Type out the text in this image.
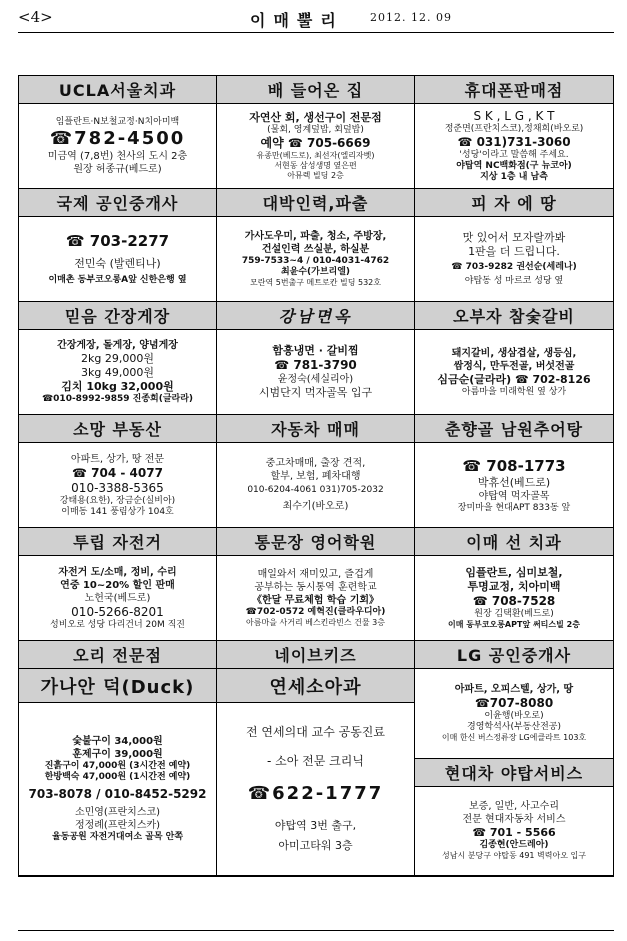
<4>	이매뿔리 2012. 12. 09
UCLA서울치과
임플란트·N보철교정·N치아미백
☎782-4500
미금역 (7,8번) 천사의 도시 2층
원장 허종규(베드로)
배 들어온 집
자연산 회, 생선구이 전문점
(물회, 영계덮밥, 회덮밥)
예약 ☎ 705-6669
유종만(베드로), 최선자(엘리자벳)
서현동 삼성생명 옆은편
아뮤렉 빌딩 2층
휴대폰판매점
S K , L G , K T
정준면(프란치스코),정채희(바오로)
☎ 031)731-3060
'성당'이라고 말씀해 주세요.
야탑역 NC백화점(구 뉴코아)
지상 1층 내 남측
국제 공인중개사
☎ 703-2277
전민숙 (발렌티나)
이매촌 동부코오롱A앞 신한은행 옆
대박인력,파출
가사도우미, 파출, 청소, 주방장,
건설인력 쓰실분, 하실분
759-7533~4 / 010-4031-4762
최윤수(가브리엘)
모란역 5번출구 메트로칸 빌딩 532호
피 자 에 땅
맛 있어서 모자랄까봐
1판을 더 드립니다.
☎ 703-9282 권선순(세레나)
야탑동 성 마르코 성당 옆
믿음 간장게장
간장게장, 돌게장, 양념게장
2kg 29,000원
3kg 49,000원
김치 10kg 32,000원
☎010-8992-9859 진종희(글라라)
강남면옥
함흥냉면 · 갈비찜
☎ 781-3790
윤정숙(세실리아)
시범단지 먹자골목 입구
오부자 참숯갈비
돼지갈비, 생삼겹살, 생등심,
쌈정식, 만두전골, 버섯전골
심금순(글라라) ☎ 702-8126
아름마을 미래학원 옆 상가
소망 부동산
아파트, 상가, 땅 전문
☎ 704 - 4077
010-3388-5365
강태용(요한), 장금순(실비아)
이매동 141 풍림상가 104호
자동차 매매
중고차매매, 출장 견적,
할부, 보험, 폐차대행
010-6204-4061 031)705-2032
최수기(바오로)
춘향골 남원추어탕
☎ 708-1773
박휴선(베드로)
야탑역 먹자골목
장미마을 현대APT 833동 앞
투립 자전거
자전거 도/소매, 정비, 수리
연중 10~20% 할인 판매
노헌국(베드로)
010-5266-8201
성비오로 성당 다리건너 20M 직진
통문장 영어학원
매일와서 재미있고, 즐겁게
공부하는 동시통역 훈련학교
《한달 무료체험 학습 기회》
☎702-0572 예혁진(클라우디아)
아름마을 사거리 베스킨라빈스 건물 3층
이매 선 치과
임플란트, 심미보철,
투명교정, 치아미백
☎ 708-7528
원장 김택환(베드로)
이매 동부코오롱APT앞 써티스빌 2층
오리 전문점
가나안 덕(Duck)
숯불구이 34,000원
훈제구이 39,000원
진흙구이 47,000원 (3시간전 예약)
한방백숙 47,000원 (1시간전 예약)
703-8078 / 010-8452-5292
소민영(프란치스코)
정정례(프란치스카)
율동공원 자전거대여소 골목 안쪽
네이브키즈
연세소아과
전 연세의대 교수 공동진료
- 소아 전문 크리닉
☎622-1777
야탑역 3번 출구,
아미고타워 3층
LG 공인중개사
아파트, 오피스텔, 상가, 땅
☎707-8080
이윤행(바오로)
경영학석사(부동산전공)
이매 한신 버스정류장 LG에클라트 103호
현대차 야탑서비스
보증, 일반, 사고수리
전문 현대자동차 서비스
☎ 701 - 5566
김종현(안드레아)
성남시 분당구 야탑동 491 벽력아오 입구
